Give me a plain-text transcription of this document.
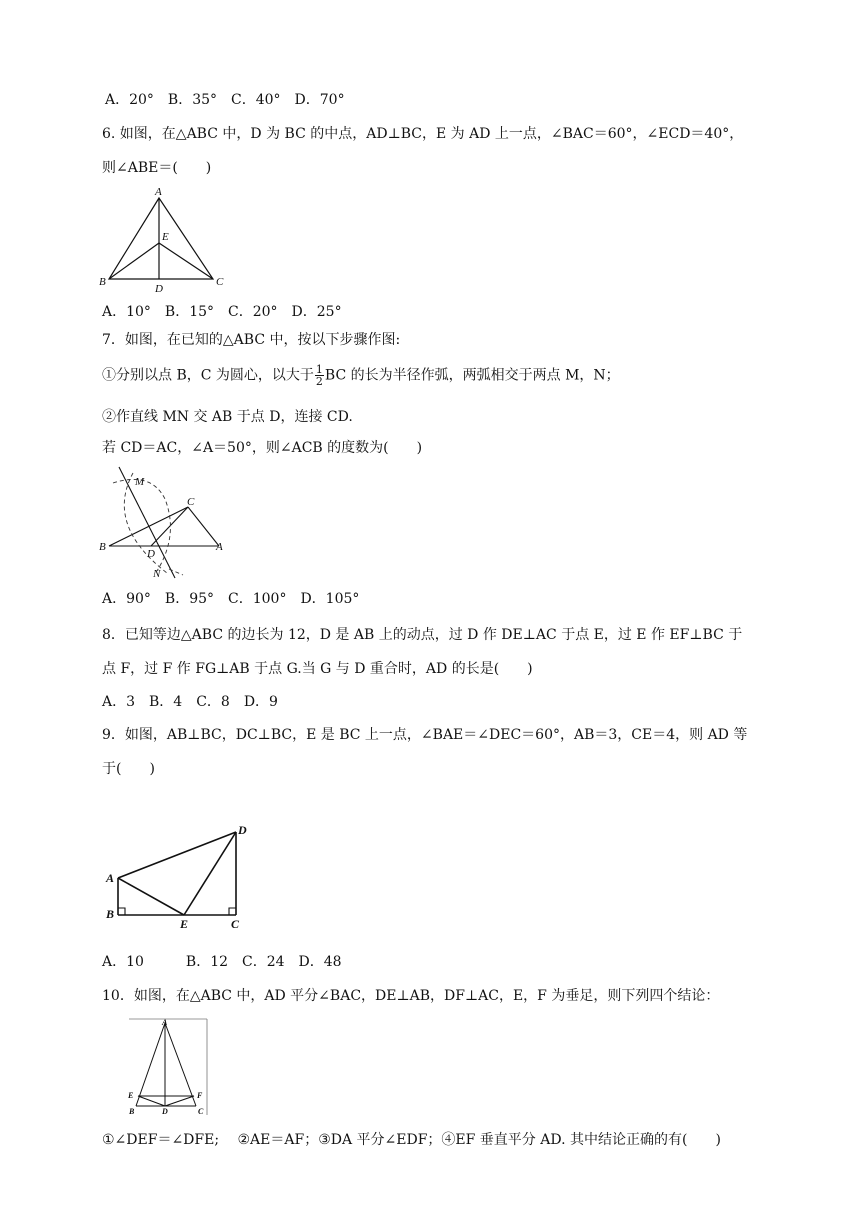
A．20°　B．35°　C．40°　D．70°
6. 如图，在△ABC 中，D 为 BC 的中点，AD⊥BC，E 为 AD 上一点，∠BAC＝60°，∠ECD＝40°，
则∠ABE＝(　　)
A
E
B
D
C
A．10°　B．15°　C．20°　D．25°
7．如图，在已知的△ABC 中，按以下步骤作图:
①分别以点 B，C 为圆心，以大于 $\frac{1}{2}$ BC 的长为半径作弧，两弧相交于两点 M，N；
②作直线 MN 交 AB 于点 D，连接 CD.
若 CD＝AC，∠A＝50°，则∠ACB 的度数为(　　)
M
C
B
D
A
N
A．90°　B．95°　C．100°　D．105°
8．已知等边△ABC 的边长为 12，D 是 AB 上的动点，过 D 作 DE⊥AC 于点 E，过 E 作 EF⊥BC 于
点 F，过 F 作 FG⊥AB 于点 G.当 G 与 D 重合时，AD 的长是(　　)
A．3　B．4　C．8　D．9
9．如图，AB⊥BC，DC⊥BC，E 是 BC 上一点，∠BAE＝∠DEC＝60°，AB＝3，CE＝4，则 AD 等
于(　　)
D
A
B
E	C
A．10　　　B．12　C．24　D．48
10．如图，在△ABC 中，AD 平分∠BAC，DE⊥AB，DF⊥AC，E，F 为垂足，则下列四个结论：
A
E	F
B	D	C
①∠DEF＝∠DFE;　 ②AE＝AF；③DA 平分∠EDF；④EF 垂直平分 AD. 其中结论正确的有(　　)
